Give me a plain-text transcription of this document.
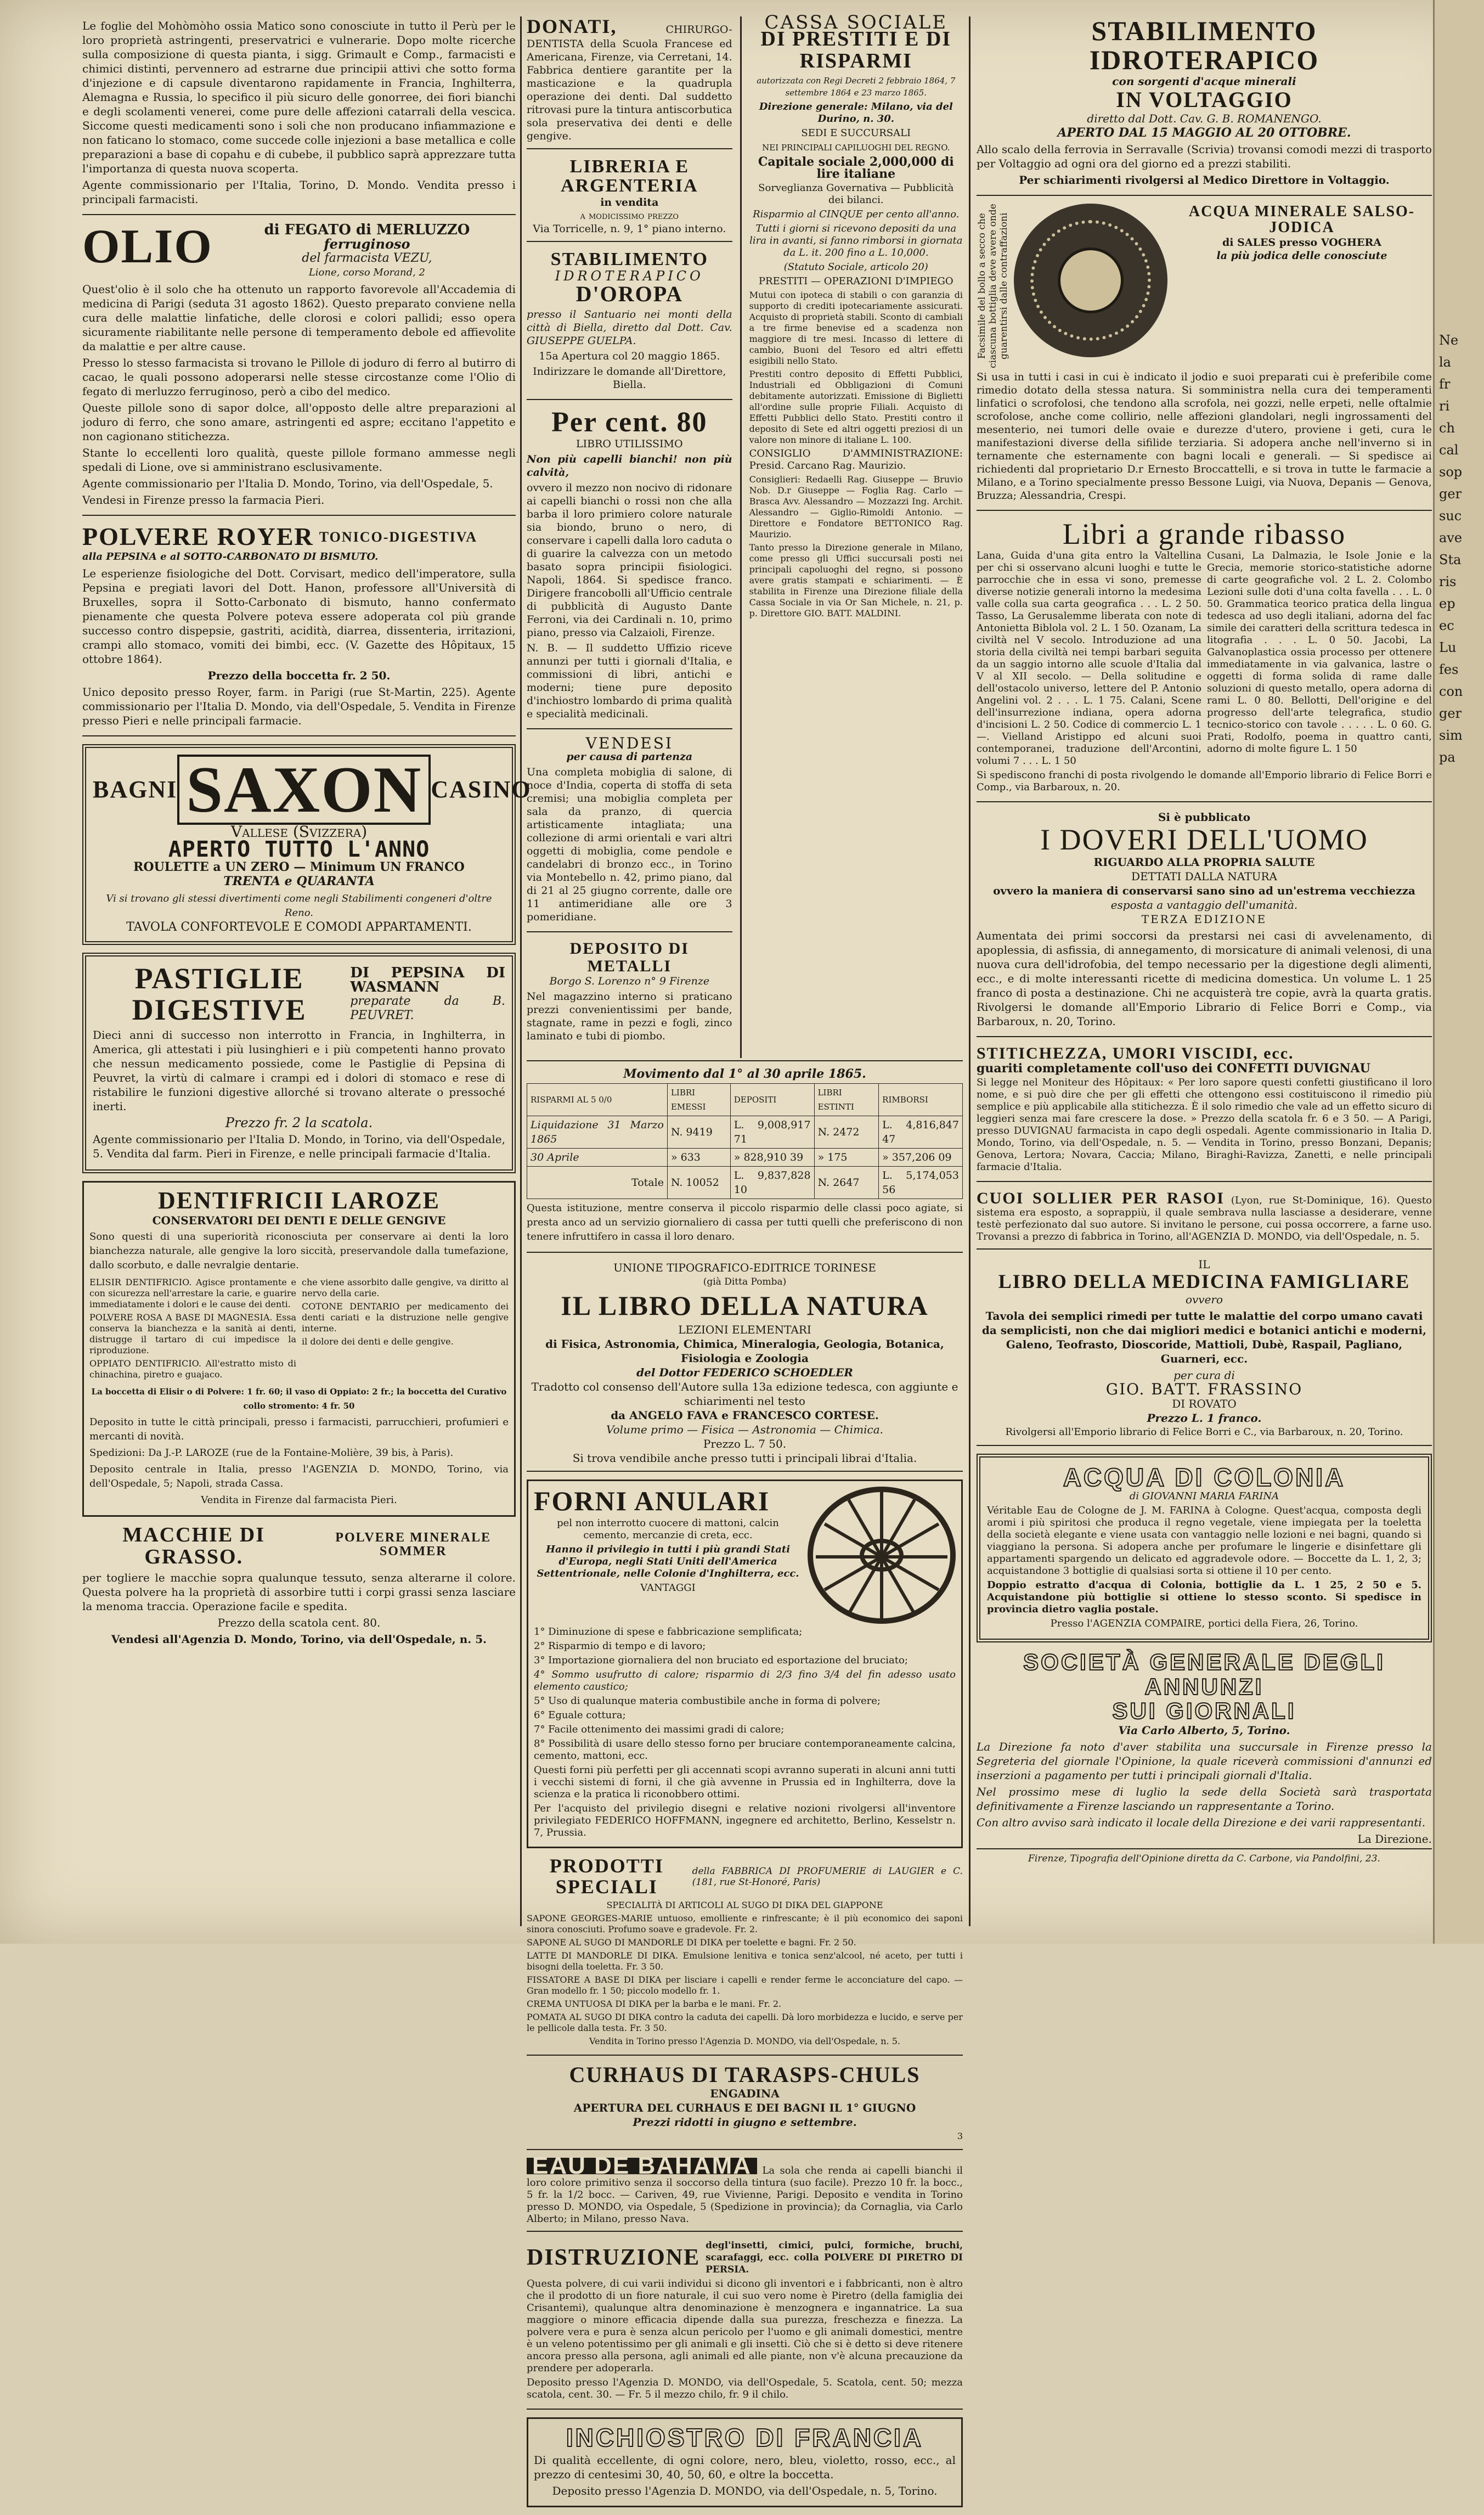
Le foglie del Mohòmòho ossia Matico sono conosciute in tutto il Perù per le loro proprietà astringenti, preservatrici e vulnerarie. Dopo molte ricerche sulla composizione di questa pianta, i sigg. Grimault e Comp., farmacisti e chimici distinti, pervennero ad estrarne due principii attivi che sotto forma d'injezione e di capsule diventarono rapidamente in Francia, Inghilterra, Alemagna e Russia, lo specifico il più sicuro delle gonorree, dei fiori bianchi e degli scolamenti venerei, come pure delle affezioni catarrali della vescica. Siccome questi medicamenti sono i soli che non producano infiammazione e non faticano lo stomaco, come succede colle injezioni a base metallica e colle preparazioni a base di copahu e di cubebe, il pubblico saprà apprezzare tutta l'importanza di questa nuova scoperta.

Agente commissionario per l'Italia, Torino, D. Mondo. Vendita presso i principali farmacisti.

OLIO	di FEGATO di MERLUZZO
ferruginoso
del farmacista VEZU,
Lione, corso Morand, 2

Quest'olio è il solo che ha ottenuto un rapporto favorevole all'Accademia di medicina di Parigi (seduta 31 agosto 1862). Questo preparato conviene nella cura delle malattie linfatiche, delle clorosi e colori pallidi; esso opera sicuramente riabilitante nelle persone di temperamento debole ed affievolite da malattie e per altre cause.

Presso lo stesso farmacista si trovano le Pillole di joduro di ferro al butirro di cacao, le quali possono adoperarsi nelle stesse circostanze come l'Olio di fegato di merluzzo ferruginoso, però a cibo del medico.

Queste pillole sono di sapor dolce, all'opposto delle altre preparazioni al joduro di ferro, che sono amare, astringenti ed aspre; eccitano l'appetito e non cagionano stitichezza.

Stante lo eccellenti loro qualità, queste pillole formano ammesse negli spedali di Lione, ove si amministrano esclusivamente.

Agente commissionario per l'Italia D. Mondo, Torino, via dell'Ospedale, 5.

Vendesi in Firenze presso la farmacia Pieri.

POLVERE ROYER TONICO-DIGESTIVA
alla PEPSINA e al SOTTO-CARBONATO DI BISMUTO.

Le esperienze fisiologiche del Dott. Corvisart, medico dell'imperatore, sulla Pepsina e pregiati lavori del Dott. Hanon, professore all'Università di Bruxelles, sopra il Sotto-Carbonato di bismuto, hanno confermato pienamente che questa Polvere poteva essere adoperata col più grande successo contro dispepsie, gastriti, acidità, diarrea, dissenteria, irritazioni, crampi allo stomaco, vomiti dei bimbi, ecc. (V. Gazette des Hôpitaux, 15 ottobre 1864).

Prezzo della boccetta fr. 2 50.

Unico deposito presso Royer, farm. in Parigi (rue St-Martin, 225). Agente commissionario per l'Italia D. Mondo, via dell'Ospedale, 5. Vendita in Firenze presso Pieri e nelle principali farmacie.

BAGNI SAXON CASINO
Vallese (Svizzera)
APERTO TUTTO L'ANNO
ROULETTE a UN ZERO — Minimum UN FRANCO
TRENTA e QUARANTA
Vi si trovano gli stessi divertimenti come negli Stabilimenti congeneri d'oltre Reno.
TAVOLA CONFORTEVOLE E COMODI APPARTAMENTI.
PASTIGLIE DIGESTIVE
DI PEPSINA DI WASMANN
preparate da B. PEUVRET.

Dieci anni di successo non interrotto in Francia, in Inghilterra, in America, gli attestati i più lusinghieri e i più competenti hanno provato che nessun medicamento possiede, come le Pastiglie di Pepsina di Peuvret, la virtù di calmare i crampi ed i dolori di stomaco e rese di ristabilire le funzioni digestive allorché si trovano alterate o pressoché inerti.

Prezzo fr. 2 la scatola.

Agente commissionario per l'Italia D. Mondo, in Torino, via dell'Ospedale, 5. Vendita dal farm. Pieri in Firenze, e nelle principali farmacie d'Italia.

DENTIFRICII LAROZE
CONSERVATORI DEI DENTI E DELLE GENGIVE

Sono questi di una superiorità riconosciuta per conservare ai denti la loro bianchezza naturale, alle gengive la loro siccità, preservandole dalla tumefazione, dallo scorbuto, e dalle nevralgie dentarie.

ELISIR DENTIFRICIO. Agisce prontamente e con sicurezza nell'arrestare la carie, e guarire immediatamente i dolori e le cause dei denti.

POLVERE ROSA A BASE DI MAGNESIA. Essa conserva la bianchezza e la sanità ai denti, distrugge il tartaro di cui impedisce la riproduzione.

OPPIATO DENTIFRICIO. All'estratto misto di chinachina, piretro e guajaco.

che viene assorbito dalle gengive, va diritto al nervo della carie.

COTONE DENTARIO per medicamento dei denti cariati e la distruzione nelle gengive interne.

il dolore dei denti e delle gengive.

La boccetta di Elisir o di Polvere: 1 fr. 60; il vaso di Oppiato: 2 fr.; la boccetta del Curativo collo stromento: 4 fr. 50

Deposito in tutte le città principali, presso i farmacisti, parrucchieri, profumieri e mercanti di novità.

Spedizioni: Da J.-P. LAROZE (rue de la Fontaine-Molière, 39 bis, à Paris).

Deposito centrale in Italia, presso l'AGENZIA D. MONDO, Torino, via dell'Ospedale, 5; Napoli, strada Cassa.

Vendita in Firenze dal farmacista Pieri.

MACCHIE DI GRASSO.
POLVERE MINERALE SOMMER

per togliere le macchie sopra qualunque tessuto, senza alterarne il colore. Questa polvere ha la proprietà di assorbire tutti i corpi grassi senza lasciare la menoma traccia. Operazione facile e spedita.

Prezzo della scatola cent. 80.

Vendesi all'Agenzia D. Mondo, Torino, via dell'Ospedale, n. 5.

DONATI,	CHIRURGO-DENTISTA della Scuola Francese ed Americana, Firenze, via Cerretani, 14. Fabbrica dentiere garantite per la masticazione e la quadrupla operazione dei denti. Dal suddetto ritrovasi pure la tintura antiscorbutica sola preservativa dei denti e delle gengive.
LIBRERIA E ARGENTERIA
in vendita
a modicissimo prezzo
Via Torricelle, n. 9, 1° piano interno.
STABILIMENTO
IDROTERAPICO
D'OROPA

presso il Santuario nei monti della città di Biella, diretto dal Dott. Cav. GIUSEPPE GUELPA.

15a Apertura col 20 maggio 1865.

Indirizzare le domande all'Direttore, Biella.

Per cent. 80
LIBRO UTILISSIMO

Non più capelli bianchi! non più calvità,

ovvero il mezzo non nocivo di ridonare ai capelli bianchi o rossi non che alla barba il loro primiero colore naturale sia biondo, bruno o nero, di conservare i capelli dalla loro caduta o di guarire la calvezza con un metodo basato sopra principii fisiologici. Napoli, 1864. Si spedisce franco. Dirigere francobolli all'Ufficio centrale di pubblicità di Augusto Dante Ferroni, via dei Cardinali n. 10, primo piano, presso via Calzaioli, Firenze.

N. B. — Il suddetto Uffizio riceve annunzi per tutti i giornali d'Italia, e commissioni di libri, antichi e moderni; tiene pure deposito d'inchiostro lombardo di prima qualità e specialità medicinali.

VENDESI
per causa di partenza

Una completa mobiglia di salone, di noce d'India, coperta di stoffa di seta cremisi; una mobiglia completa per sala da pranzo, di quercia artisticamente intagliata; una collezione di armi orientali e vari altri oggetti di mobiglia, come pendole e candelabri di bronzo ecc., in Torino via Montebello n. 42, primo piano, dal di 21 al 25 giugno corrente, dalle ore 11 antimeridiane alle ore 3 pomeridiane.

DEPOSITO DI METALLI
Borgo S. Lorenzo n° 9 Firenze

Nel magazzino interno si praticano prezzi convenientissimi per bande, stagnate, rame in pezzi e fogli, zinco laminato e tubi di piombo.

CASSA SOCIALE
DI PRESTITI E DI RISPARMI

autorizzata con Regi Decreti 2 febbraio 1864, 7 settembre 1864 e 23 marzo 1865.

Direzione generale: Milano, via del Durino, n. 30.

SEDI E SUCCURSALI

NEI PRINCIPALI CAPILUOGHI DEL REGNO.

Capitale sociale 2,000,000 di lire italiane

Sorveglianza Governativa — Pubblicità dei bilanci.

Risparmio al CINQUE per cento all'anno.

Tutti i giorni si ricevono depositi da una lira in avanti, si fanno rimborsi in giornata da L. it. 200 fino a L. 10,000.

(Statuto Sociale, articolo 20)

PRESTITI — OPERAZIONI D'IMPIEGO

Mutui con ipoteca di stabili o con garanzia di supporto di crediti ipotecariamente assicurati. Acquisto di proprietà stabili. Sconto di cambiali a tre firme benevise ed a scadenza non maggiore di tre mesi. Incasso di lettere di cambio, Buoni del Tesoro ed altri effetti esigibili nello Stato.

Prestiti contro deposito di Effetti Pubblici, Industriali ed Obbligazioni di Comuni debitamente autorizzati. Emissione di Biglietti all'ordine sulle proprie Filiali. Acquisto di Effetti Pubblici dello Stato. Prestiti contro il deposito di Sete ed altri oggetti preziosi di un valore non minore di italiane L. 100.

CONSIGLIO D'AMMINISTRAZIONE: Presid. Carcano Rag. Maurizio.

Consiglieri: Redaelli Rag. Giuseppe — Bruvio Nob. D.r Giuseppe — Foglia Rag. Carlo — Brasca Avv. Alessandro — Mozzazzi Ing. Archit. Alessandro — Giglio-Rimoldi Antonio. — Direttore e Fondatore BETTONICO Rag. Maurizio.

Tanto presso la Direzione generale in Milano, come presso gli Uffici succursali posti nei principali capoluoghi del regno, si possono avere gratis stampati e schiarimenti. — È stabilita in Firenze una Direzione filiale della Cassa Sociale in via Or San Michele, n. 21, p. p. Direttore GIO. BATT. MALDINI.

Movimento dal 1° al 30 aprile 1865.

RISPARMI AL 5 0/0	LIBRI EMESSI	DEPOSITI	LIBRI ESTINTI	RIMBORSI
Liquidazione 31 Marzo 1865	N. 9419	L. 9,008,917 71	N. 2472	L. 4,816,847 47
30 Aprile	» 633	» 828,910 39	» 175	» 357,206 09
Totale	N. 10052	L. 9,837,828 10	N. 2647	L. 5,174,053 56

Questa istituzione, mentre conserva il piccolo risparmio delle classi poco agiate, si presta anco ad un servizio giornaliero di cassa per tutti quelli che preferiscono di non tenere infruttifero in cassa il loro denaro.

UNIONE TIPOGRAFICO-EDITRICE TORINESE
(già Ditta Pomba)
IL LIBRO DELLA NATURA
LEZIONI ELEMENTARI
di Fisica, Astronomia, Chimica, Mineralogia, Geologia, Botanica, Fisiologia e Zoologia
del Dottor FEDERICO SCHOEDLER
Tradotto col consenso dell'Autore sulla 13a edizione tedesca, con aggiunte e schiarimenti nel testo
da ANGELO FAVA e FRANCESCO CORTESE.
Volume primo — Fisica — Astronomia — Chimica.
Prezzo L. 7 50.
Si trova vendibile anche presso tutti i principali librai d'Italia.
FORNI ANULARI

pel non interrotto cuocere di mattoni, calcin cemento, mercanzie di creta, ecc.

Hanno il privilegio in tutti i più grandi Stati d'Europa, negli Stati Uniti dell'America Settentrionale, nelle Colonie d'Inghilterra, ecc.

VANTAGGI

1° Diminuzione di spese e fabbricazione semplificata;

2° Risparmio di tempo e di lavoro;

3° Importazione giornaliera del non bruciato ed esportazione del bruciato;

4° Sommo usufrutto di calore; risparmio di 2/3 fino 3/4 del fin adesso usato elemento caustico;

5° Uso di qualunque materia combustibile anche in forma di polvere;

6° Eguale cottura;

7° Facile ottenimento dei massimi gradi di calore;

8° Possibilità di usare dello stesso forno per bruciare contemporaneamente calcina, cemento, mattoni, ecc.

Questi forni più perfetti per gli accennati scopi avranno superati in alcuni anni tutti i vecchi sistemi di forni, il che già avvenne in Prussia ed in Inghilterra, dove la scienza e la pratica li riconobbero ottimi.

Per l'acquisto del privilegio disegni e relative nozioni rivolgersi all'inventore privilegiato FEDERICO HOFFMANN, ingegnere ed architetto, Berlino, Kesselstr n. 7, Prussia.

PRODOTTI SPECIALI
della FABBRICA DI PROFUMERIE di LAUGIER e C. (181, rue St-Honoré, Paris)

SPECIALITÀ DI ARTICOLI AL SUGO DI DIKA DEL GIAPPONE

SAPONE GEORGES-MARIE untuoso, emolliente e rinfrescante; è il più economico dei saponi sinora conosciuti. Profumo soave e gradevole. Fr. 2.

SAPONE AL SUGO DI MANDORLE DI DIKA per toelette e bagni. Fr. 2 50.

LATTE DI MANDORLE DI DIKA. Emulsione lenitiva e tonica senz'alcool, né aceto, per tutti i bisogni della toeletta. Fr. 3 50.

FISSATORE A BASE DI DIKA per lisciare i capelli e render ferme le acconciature del capo. — Gran modello fr. 1 50; piccolo modello fr. 1.

CREMA UNTUOSA DI DIKA per la barba e le mani. Fr. 2.

POMATA AL SUGO DI DIKA contro la caduta dei capelli. Dà loro morbidezza e lucido, e serve per le pellicole dalla testa. Fr. 3 50.

Vendita in Torino presso l'Agenzia D. MONDO, via dell'Ospedale, n. 5.

CURHAUS DI TARASPS-CHULS
ENGADINA
APERTURA DEL CURHAUS E DEI BAGNI IL 1° GIUGNO
Prezzi ridotti in giugno e settembre.
3
EAU DE BAHAMA La sola che renda ai capelli bianchi il loro colore primitivo senza il soccorso della tintura (suo facile). Prezzo 10 fr. la bocc., 5 fr. la 1/2 bocc. — Cariven, 49, rue Vivienne, Parigi. Deposito e vendita in Torino presso D. MONDO, via Ospedale, 5 (Spedizione in provincia); da Cornaglia, via Carlo Alberto; in Milano, presso Nava.
DISTRUZIONE degl'insetti, cimici, pulci, formiche, bruchi, scarafaggi, ecc. colla POLVERE DI PIRETRO DI PERSIA.

Questa polvere, di cui varii individui si dicono gli inventori e i fabbricanti, non è altro che il prodotto di un fiore naturale, il cui suo vero nome è Piretro (della famiglia dei Crisantemi), qualunque altra denominazione è menzognera e ingannatrice. La sua maggiore o minore efficacia dipende dalla sua purezza, freschezza e finezza. La polvere vera e pura è senza alcun pericolo per l'uomo e gli animali domestici, mentre è un veleno potentissimo per gli animali e gli insetti. Ciò che si è detto si deve ritenere ancora presso alla persona, agli animali ed alle piante, non v'è alcuna precauzione da prendere per adoperarla.

Deposito presso l'Agenzia D. MONDO, via dell'Ospedale, 5. Scatola, cent. 50; mezza scatola, cent. 30. — Fr. 5 il mezzo chilo, fr. 9 il chilo.

INCHIOSTRO DI FRANCIA

Di qualità eccellente, di ogni colore, nero, bleu, violetto, rosso, ecc., al prezzo di centesimi 30, 40, 50, 60, e oltre la boccetta.

Deposito presso l'Agenzia D. MONDO, via dell'Ospedale, n. 5, Torino.

STABILIMENTO IDROTERAPICO
con sorgenti d'acque minerali
IN VOLTAGGIO
diretto dal Dott. Cav. G. B. ROMANENGO.
APERTO DAL 15 MAGGIO AL 20 OTTOBRE.

Allo scalo della ferrovia in Serravalle (Scrivia) trovansi comodi mezzi di trasporto per Voltaggio ad ogni ora del giorno ed a prezzi stabiliti.

Per schiarimenti rivolgersi al Medico Direttore in Voltaggio.

Facsimile del bollo a secco che ciascuna bottiglia deve avere onde guarentirsi dalle contraffazioni
ACQUA MINERALE SALSO-JODICA
di SALES presso VOGHERA
la più jodica delle conosciute

Si usa in tutti i casi in cui è indicato il jodio e suoi preparati cui è preferibile come rimedio dotato della stessa natura. Si somministra nella cura dei temperamenti linfatici o scrofolosi, che tendono alla scrofola, nei gozzi, nelle erpeti, nelle oftalmie scrofolose, anche come collirio, nelle affezioni glandolari, negli ingrossamenti del mesenterio, nei tumori delle ovaie e durezze d'utero, proviene i geti, cura le manifestazioni diverse della sifilide terziaria. Si adopera anche nell'inverno si in ternamente che esternamente con bagni locali e generali. — Si spedisce ai richiedenti dal proprietario D.r Ernesto Broccattelli, e si trova in tutte le farmacie a Milano, e a Torino specialmente presso Bessone Luigi, via Nuova, Depanis — Genova, Bruzza; Alessandria, Crespi.

Libri a grande ribasso
Lana, Guida d'una gita entro la Valtellina per chi si osservano alcuni luoghi e tutte le parrocchie che in essa vi sono, premesse diverse notizie generali intorno la medesima valle colla sua carta geografica . . . L. 2 50. Tasso, La Gerusalemme liberata con note di Antonietta Biblola vol. 2 L. 1 50. Ozanam, La civiltà nel V secolo. Introduzione ad una storia della civiltà nei tempi barbari seguita da un saggio intorno alle scuole d'Italia dal V al XII secolo. — Della solitudine e dell'ostacolo universo, lettere del P. Antonio Angelini vol. 2 . . . L. 1 75. Calani, Scene dell'insurrezione indiana, opera adorna d'incisioni L. 2 50. Codice di commercio L. 1 —. Vielland Aristippo ed alcuni suoi contemporanei, traduzione dell'Arcontini, volumi 7 . . . L. 1 50
Cusani, La Dalmazia, le Isole Jonie e la Grecia, memorie storico-statistiche adorne di carte geografiche vol. 2 L. 2. Colombo Lezioni sulle doti d'una colta favella . . . L. 0 50. Grammatica teorico pratica della lingua tedesca ad uso degli italiani, adorna del fac simile dei caratteri della scrittura tedesca in litografia . . . L. 0 50. Jacobi, La Galvanoplastica ossia processo per ottenere immediatamente in via galvanica, lastre o oggetti di forma solida di rame dalle soluzioni di questo metallo, opera adorna di rami L. 0 80. Bellotti, Dell'origine e del progresso dell'arte telegrafica, studio tecnico-storico con tavole . . . . . L. 0 60. G. Prati, Rodolfo, poema in quattro canti, adorno di molte figure L. 1 50

Si spediscono franchi di posta rivolgendo le domande all'Emporio librario di Felice Borri e Comp., via Barbaroux, n. 20.

Si è pubblicato
I DOVERI DELL'UOMO
RIGUARDO ALLA PROPRIA SALUTE
DETTATI DALLA NATURA
ovvero la maniera di conservarsi sano sino ad un'estrema vecchiezza
esposta a vantaggio dell'umanità.
TERZA EDIZIONE

Aumentata dei primi soccorsi da prestarsi nei casi di avvelenamento, di apoplessia, di asfissia, di annegamento, di morsicature di animali velenosi, di una nuova cura dell'idrofobia, del tempo necessario per la digestione degli alimenti, ecc., e di molte interessanti ricette di medicina domestica. Un volume L. 1 25 franco di posta a destinazione. Chi ne acquisterà tre copie, avrà la quarta gratis. Rivolgersi le domande all'Emporio Librario di Felice Borri e Comp., via Barbaroux, n. 20, Torino.

STITICHEZZA, UMORI VISCIDI, ecc.
guariti completamente coll'uso dei CONFETTI DUVIGNAU

Si legge nel Moniteur des Hôpitaux: « Per loro sapore questi confetti giustificano il loro nome, e si può dire che per gli effetti che ottengono essi costituiscono il rimedio più semplice e più applicabile alla stitichezza. È il solo rimedio che vale ad un effetto sicuro di leggieri senza mai fare crescere la dose. » Prezzo della scatola fr. 6 e 3 50. — A Parigi, presso DUVIGNAU farmacista in capo degli ospedali. Agente commissionario in Italia D. Mondo, Torino, via dell'Ospedale, n. 5. — Vendita in Torino, presso Bonzani, Depanis; Genova, Lertora; Novara, Caccia; Milano, Biraghi-Ravizza, Zanetti, e nelle principali farmacie d'Italia.

CUOI SOLLIER PER RASOI (Lyon, rue St-Dominique, 16). Questo sistema era esposto, a soprappiù, il quale sembrava nulla lasciasse a desiderare, venne testè perfezionato dal suo autore. Si invitano le persone, cui possa occorrere, a farne uso. Trovansi a prezzo di fabbrica in Torino, all'AGENZIA D. MONDO, via dell'Ospedale, n. 5.
IL
LIBRO DELLA MEDICINA FAMIGLIARE
ovvero

Tavola dei semplici rimedi per tutte le malattie del corpo umano cavati da semplicisti, non che dai migliori medici e botanici antichi e moderni, Galeno, Teofrasto, Dioscoride, Mattioli, Dubè, Raspail, Pagliano, Guarneri, ecc.

per cura di
GIO. BATT. FRASSINO
DI ROVATO
Prezzo L. 1 franco.
Rivolgersi all'Emporio librario di Felice Borri e C., via Barbaroux, n. 20, Torino.
ACQUA DI COLONIA
di GIOVANNI MARIA FARINA

Véritable Eau de Cologne de J. M. FARINA à Cologne. Quest'acqua, composta degli aromi i più spiritosi che produca il regno vegetale, viene impiegata per la toeletta della società elegante e viene usata con vantaggio nelle lozioni e nei bagni, quando si viaggiano la persona. Si adopera anche per profumare le lingerie e disinfettare gli appartamenti spargendo un delicato ed aggradevole odore. — Boccette da L. 1, 2, 3; acquistandone 3 bottiglie di qualsiasi sorta si ottiene il 10 per cento.

Doppio estratto d'acqua di Colonia, bottiglie da L. 1 25, 2 50 e 5. Acquistandone più bottiglie si ottiene lo stesso sconto. Si spedisce in provincia dietro vaglia postale.

Presso l'AGENZIA COMPAIRE, portici della Fiera, 26, Torino.

SOCIETÀ GENERALE DEGLI ANNUNZI
SUI GIORNALI
Via Carlo Alberto, 5, Torino.

La Direzione fa noto d'aver stabilita una succursale in Firenze presso la Segreteria del giornale l'Opinione, la quale riceverà commissioni d'annunzi ed inserzioni a pagamento per tutti i principali giornali d'Italia.

Nel prossimo mese di luglio la sede della Società sarà trasportata definitivamente a Firenze lasciando un rappresentante a Torino.

Con altro avviso sarà indicato il locale della Direzione e dei varii rappresentanti.

La Direzione.

Firenze, Tipografia dell'Opinione diretta da C. Carbone, via Pandolfini, 23.

Ne
la
fr
ri
ch
cal
sop
ger
suc
ave
Sta
ris
ep
ec
Lu
fes
con
ger
sim
pa
